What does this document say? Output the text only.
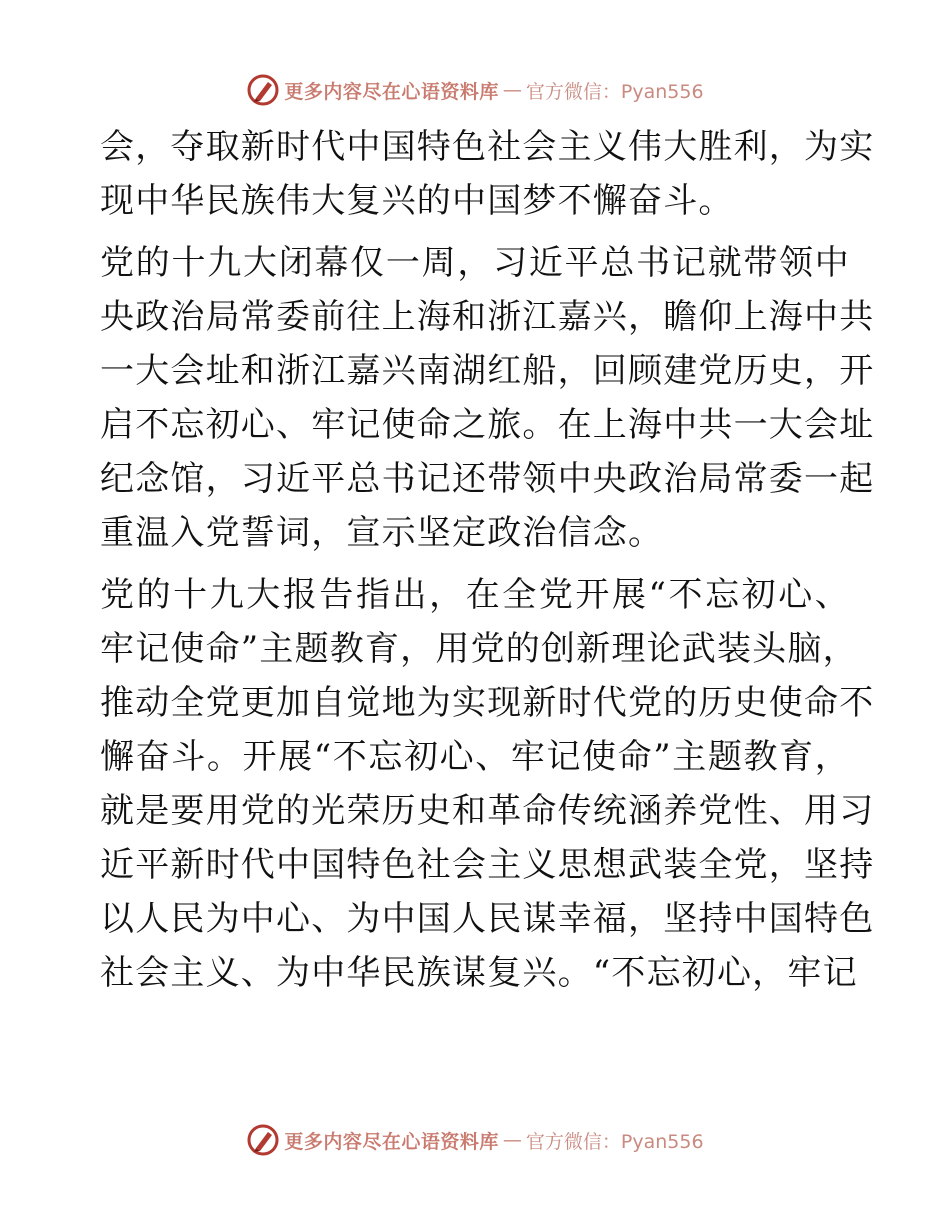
更多内容尽在心语资料库 — 官方微信：Pyan556
会，夺取新时代中国特色社会主义伟大胜利，为实
现中华民族伟大复兴的中国梦不懈奋斗。
党的十九大闭幕仅一周，习近平总书记就带领中
央政治局常委前往上海和浙江嘉兴，瞻仰上海中共
一大会址和浙江嘉兴南湖红船，回顾建党历史，开
启不忘初心、牢记使命之旅。在上海中共一大会址
纪念馆，习近平总书记还带领中央政治局常委一起
重温入党誓词，宣示坚定政治信念。
党的十九大报告指出，在全党开展“不忘初心、
牢记使命”主题教育，用党的创新理论武装头脑，
推动全党更加自觉地为实现新时代党的历史使命不
懈奋斗。开展“不忘初心、牢记使命”主题教育，
就是要用党的光荣历史和革命传统涵养党性、用习
近平新时代中国特色社会主义思想武装全党，坚持
以人民为中心、为中国人民谋幸福，坚持中国特色
社会主义、为中华民族谋复兴。“不忘初心，牢记
更多内容尽在心语资料库 — 官方微信：Pyan556
